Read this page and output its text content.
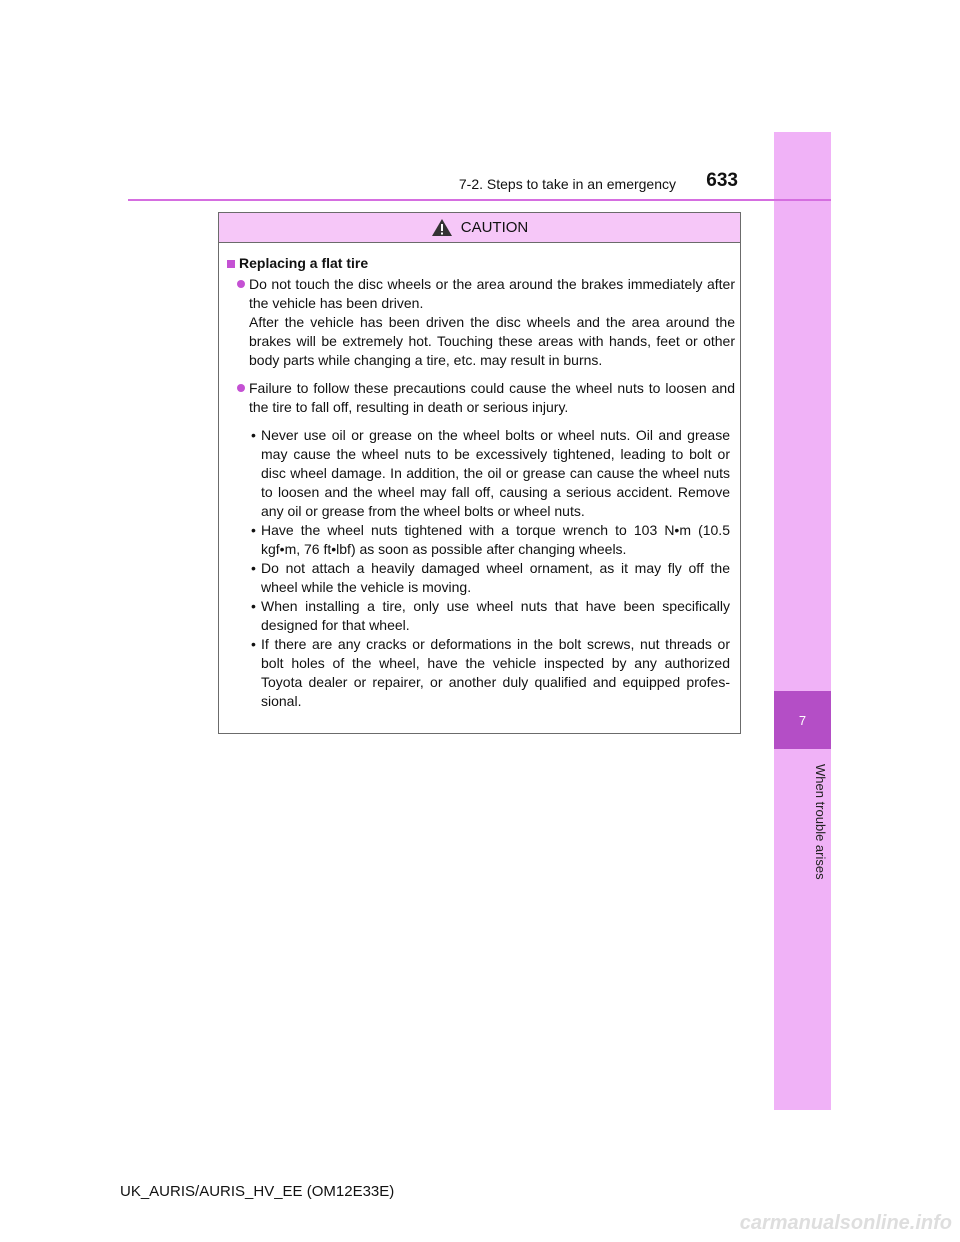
7
When trouble arises
7-2. Steps to take in an emergency	633
CAUTION
Replacing a flat tire

Do not touch the disc wheels or the area around the brakes immediately after the vehicle has been driven.

After the vehicle has been driven the disc wheels and the area around the brakes will be extremely hot. Touching these areas with hands, feet or other body parts while changing a tire, etc. may result in burns.

Failure to follow these precautions could cause the wheel nuts to loosen and the tire to fall off, resulting in death or serious injury.

• Never use oil or grease on the wheel bolts or wheel nuts. Oil and grease may cause the wheel nuts to be excessively tightened, leading to bolt or disc wheel damage. In addition, the oil or grease can cause the wheel nuts to loosen and the wheel may fall off, causing a serious accident. Remove any oil or grease from the wheel bolts or wheel nuts.
• Have the wheel nuts tightened with a torque wrench to 103 N•m (10.5 kgf•m, 76 ft•lbf) as soon as possible after changing wheels.
• Do not attach a heavily damaged wheel ornament, as it may fly off the wheel while the vehicle is moving.
• When installing a tire, only use wheel nuts that have been specifically designed for that wheel.
• If there are any cracks or deformations in the bolt screws, nut threads or bolt holes of the wheel, have the vehicle inspected by any authorized Toyota dealer or repairer, or another duly qualified and equipped profes- sional.
UK_AURIS/AURIS_HV_EE (OM12E33E)
carmanualsonline.info
